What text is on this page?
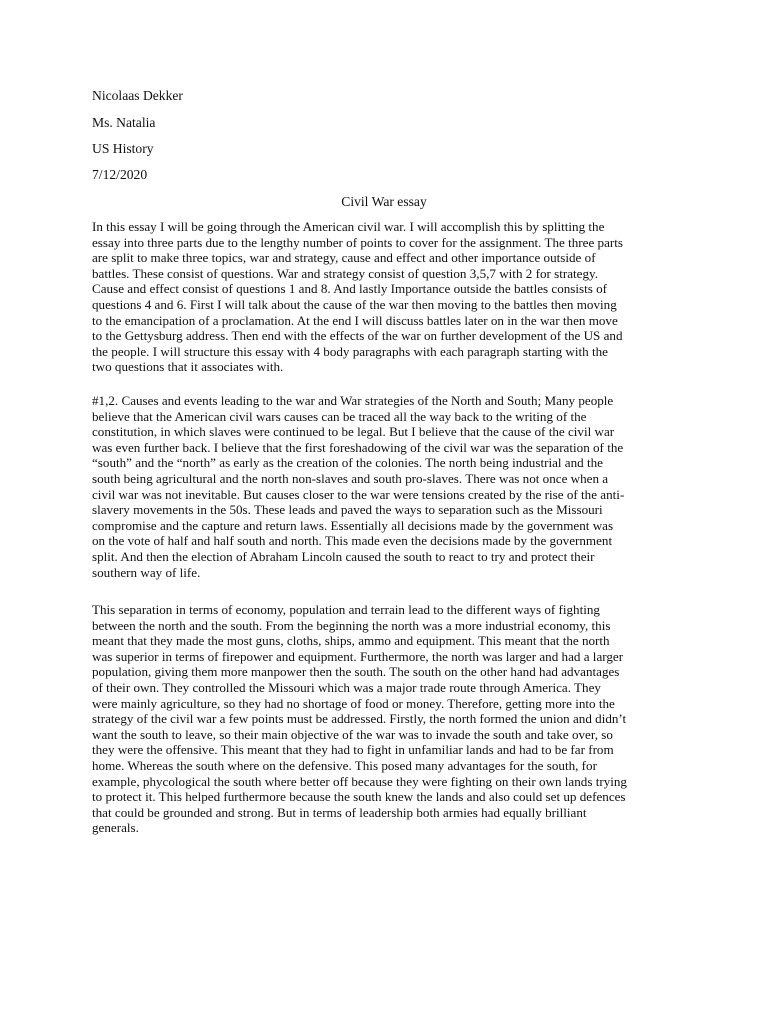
Nicolaas Dekker
Ms. Natalia
US History
7/12/2020
Civil War essay
In this essay I will be going through the American civil war. I will accomplish this by splitting the
essay into three parts due to the lengthy number of points to cover for the assignment. The three parts
are split to make three topics, war and strategy, cause and effect and other importance outside of
battles. These consist of questions. War and strategy consist of question 3,5,7 with 2 for strategy.
Cause and effect consist of questions 1 and 8. And lastly Importance outside the battles consists of
questions 4 and 6. First I will talk about the cause of the war then moving to the battles then moving
to the emancipation of a proclamation. At the end I will discuss battles later on in the war then move
to the Gettysburg address. Then end with the effects of the war on further development of the US and
the people. I will structure this essay with 4 body paragraphs with each paragraph starting with the
two questions that it associates with.
#1,2. Causes and events leading to the war and War strategies of the North and South; Many people
believe that the American civil wars causes can be traced all the way back to the writing of the
constitution, in which slaves were continued to be legal. But I believe that the cause of the civil war
was even further back. I believe that the first foreshadowing of the civil war was the separation of the
“south” and the “north” as early as the creation of the colonies. The north being industrial and the
south being agricultural and the north non-slaves and south pro-slaves. There was not once when a
civil war was not inevitable. But causes closer to the war were tensions created by the rise of the anti-
slavery movements in the 50s. These leads and paved the ways to separation such as the Missouri
compromise and the capture and return laws. Essentially all decisions made by the government was
on the vote of half and half south and north. This made even the decisions made by the government
split. And then the election of Abraham Lincoln caused the south to react to try and protect their
southern way of life.
This separation in terms of economy, population and terrain lead to the different ways of fighting
between the north and the south. From the beginning the north was a more industrial economy, this
meant that they made the most guns, cloths, ships, ammo and equipment. This meant that the north
was superior in terms of firepower and equipment. Furthermore, the north was larger and had a larger
population, giving them more manpower then the south. The south on the other hand had advantages
of their own. They controlled the Missouri which was a major trade route through America. They
were mainly agriculture, so they had no shortage of food or money. Therefore, getting more into the
strategy of the civil war a few points must be addressed. Firstly, the north formed the union and didn’t
want the south to leave, so their main objective of the war was to invade the south and take over, so
they were the offensive. This meant that they had to fight in unfamiliar lands and had to be far from
home. Whereas the south where on the defensive. This posed many advantages for the south, for
example, phycological the south where better off because they were fighting on their own lands trying
to protect it. This helped furthermore because the south knew the lands and also could set up defences
that could be grounded and strong. But in terms of leadership both armies had equally brilliant
generals.
